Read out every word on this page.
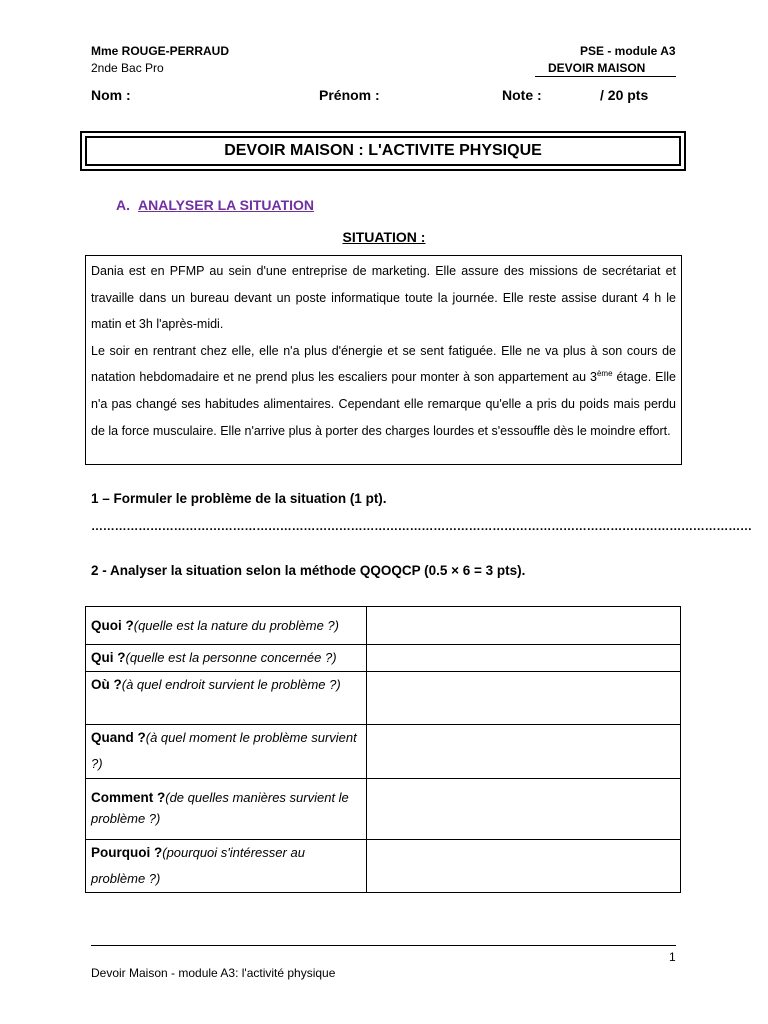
Mme ROUGE-PERRAUD
2nde Bac Pro
PSE - module A3
DEVOIR MAISON
Nom :	Prénom :	Note :	/ 20 pts
DEVOIR MAISON : L'ACTIVITE PHYSIQUE
A. ANALYSER LA SITUATION
SITUATION :

Dania est en PFMP au sein d'une entreprise de marketing. Elle assure des missions de secrétariat et travaille dans un bureau devant un poste informatique toute la journée. Elle reste assise durant 4 h le matin et 3h l'après-midi.

Le soir en rentrant chez elle, elle n'a plus d'énergie et se sent fatiguée. Elle ne va plus à son cours de natation hebdomadaire et ne prend plus les escaliers pour monter à son appartement au 3ème étage. Elle n'a pas changé ses habitudes alimentaires. Cependant elle remarque qu'elle a pris du poids mais perdu de la force musculaire. Elle n'arrive plus à porter des charges lourdes et s'essouffle dès le moindre effort.

1 – Formuler le problème de la situation (1 pt).
……………………………………………………………………………………………………………………………………………………
2 - Analyser la situation selon la méthode QQOQCP (0.5 × 6 = 3 pts).
Quoi ?(quelle est la nature du problème ?)	
Qui ?(quelle est la personne concernée ?)	
Où ?(à quel endroit survient le problème ?)	
Quand ?(à quel moment le problème survient ?)	
Comment ?(de quelles manières survient le problème ?)	
Pourquoi ?(pourquoi s'intéresser au problème ?)	
1
Devoir Maison - module A3: l'activité physique
